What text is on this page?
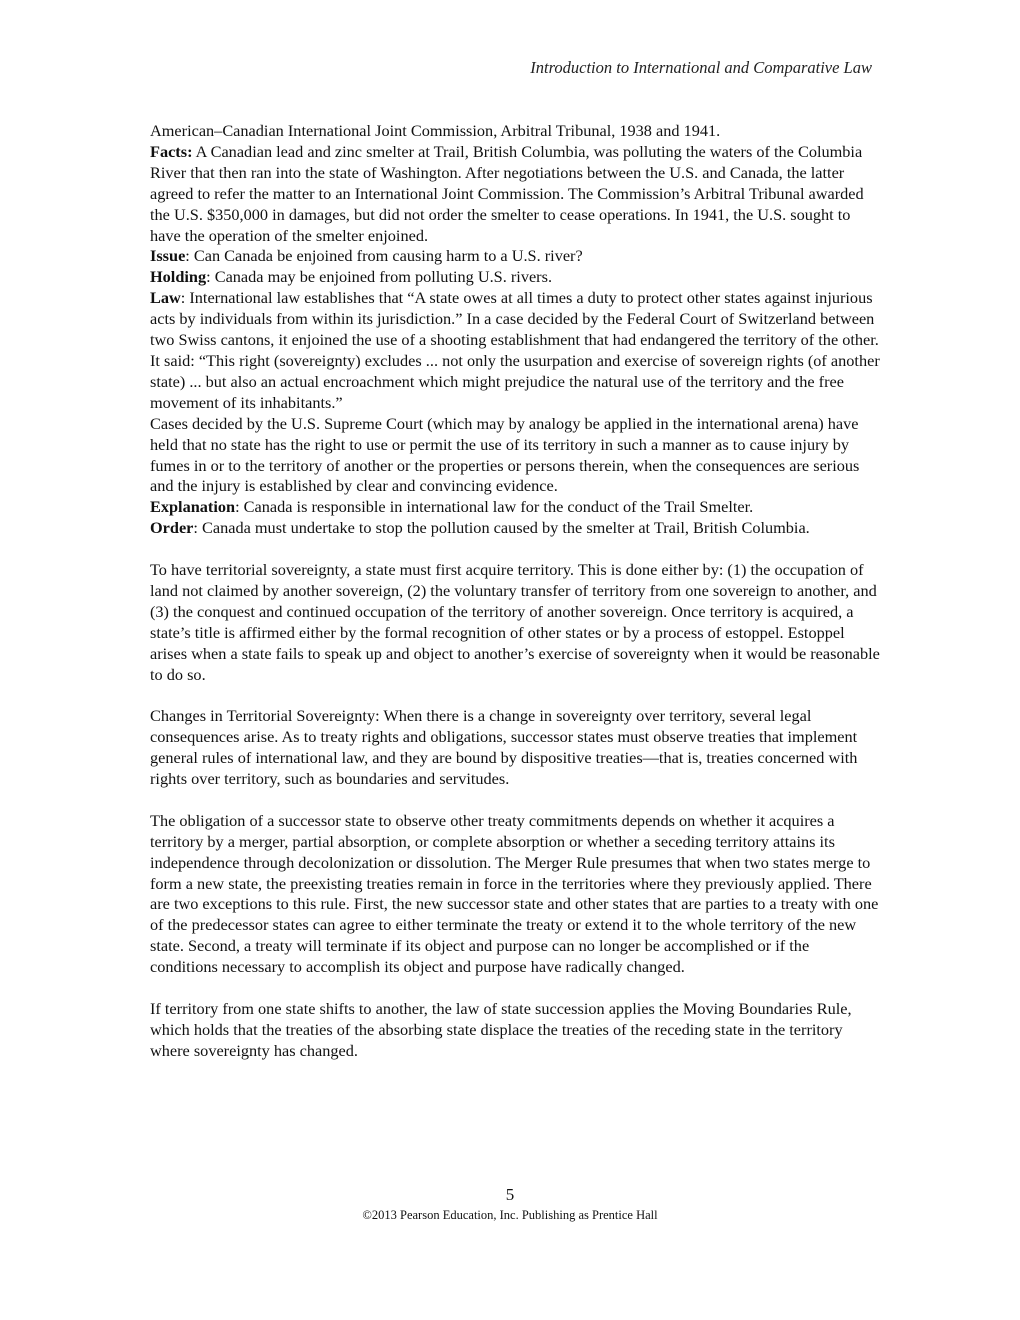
Introduction to International and Comparative Law

American–Canadian International Joint Commission, Arbitral Tribunal, 1938 and 1941.

Facts: A Canadian lead and zinc smelter at Trail, British Columbia, was polluting the waters of the Columbia River that then ran into the state of Washington. After negotiations between the U.S. and Canada, the latter agreed to refer the matter to an International Joint Commission. The Commission’s Arbitral Tribunal awarded the U.S. $350,000 in damages, but did not order the smelter to cease operations. In 1941, the U.S. sought to have the operation of the smelter enjoined.

Issue: Can Canada be enjoined from causing harm to a U.S. river?

Holding: Canada may be enjoined from polluting U.S. rivers.

Law: International law establishes that “A state owes at all times a duty to protect other states against injurious acts by individuals from within its jurisdiction.” In a case decided by the Federal Court of Switzerland between two Swiss cantons, it enjoined the use of a shooting establishment that had endangered the territory of the other. It said: “This right (sovereignty) excludes ... not only the usurpation and exercise of sovereign rights (of another state) ... but also an actual encroachment which might prejudice the natural use of the territory and the free movement of its inhabitants.”

Cases decided by the U.S. Supreme Court (which may by analogy be applied in the international arena) have held that no state has the right to use or permit the use of its territory in such a manner as to cause injury by fumes in or to the territory of another or the properties or persons therein, when the consequences are serious and the injury is established by clear and convincing evidence.

Explanation: Canada is responsible in international law for the conduct of the Trail Smelter.

Order: Canada must undertake to stop the pollution caused by the smelter at Trail, British Columbia.

To have territorial sovereignty, a state must first acquire territory. This is done either by: (1) the occupation of land not claimed by another sovereign, (2) the voluntary transfer of territory from one sovereign to another, and (3) the conquest and continued occupation of the territory of another sovereign. Once territory is acquired, a state’s title is affirmed either by the formal recognition of other states or by a process of estoppel. Estoppel arises when a state fails to speak up and object to another’s exercise of sovereignty when it would be reasonable to do so.

Changes in Territorial Sovereignty: When there is a change in sovereignty over territory, several legal consequences arise. As to treaty rights and obligations, successor states must observe treaties that implement general rules of international law, and they are bound by dispositive treaties—that is, treaties concerned with rights over territory, such as boundaries and servitudes.

The obligation of a successor state to observe other treaty commitments depends on whether it acquires a territory by a merger, partial absorption, or complete absorption or whether a seceding territory attains its independence through decolonization or dissolution. The Merger Rule presumes that when two states merge to form a new state, the preexisting treaties remain in force in the territories where they previously applied. There are two exceptions to this rule. First, the new successor state and other states that are parties to a treaty with one of the predecessor states can agree to either terminate the treaty or extend it to the whole territory of the new state. Second, a treaty will terminate if its object and purpose can no longer be accomplished or if the conditions necessary to accomplish its object and purpose have radically changed.

If territory from one state shifts to another, the law of state succession applies the Moving Boundaries Rule, which holds that the treaties of the absorbing state displace the treaties of the receding state in the territory where sovereignty has changed.

5
©2013 Pearson Education, Inc. Publishing as Prentice Hall
